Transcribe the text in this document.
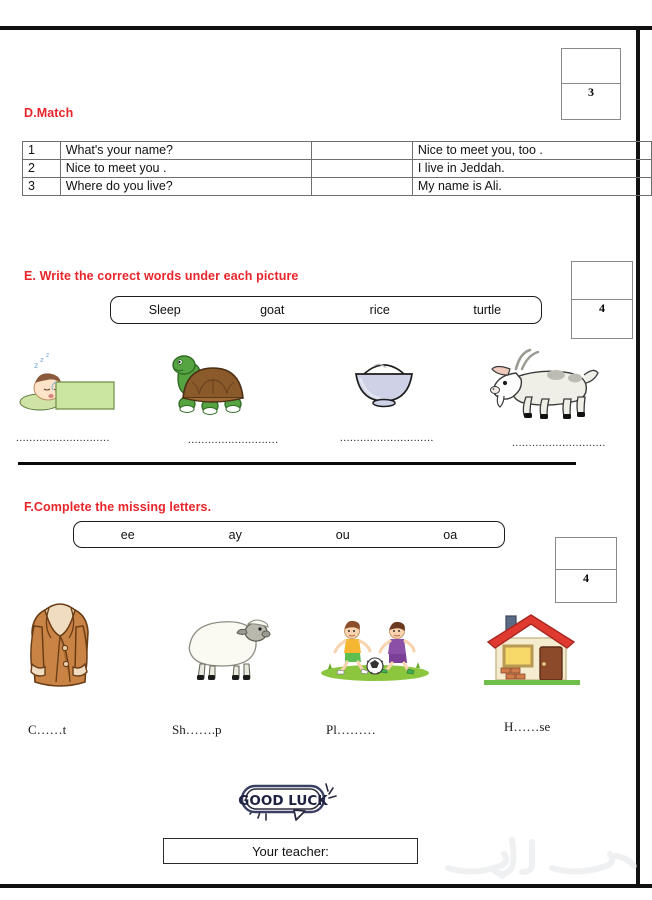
3
D.Match
1	What's your name?		Nice to meet you, too .
2	Nice to meet you .		I live in Jeddah.
3	Where do you live?		My name is Ali.
4
E. Write the correct words under each picture
Sleep	goat	rice	turtle
z
z
z
............................	...........................	............................	............................
4
F.Complete the missing letters.
ee	ay	ou	oa
C……t	Sh…….p	Pl………	H……se
GOOD LUCK
Your teacher:
